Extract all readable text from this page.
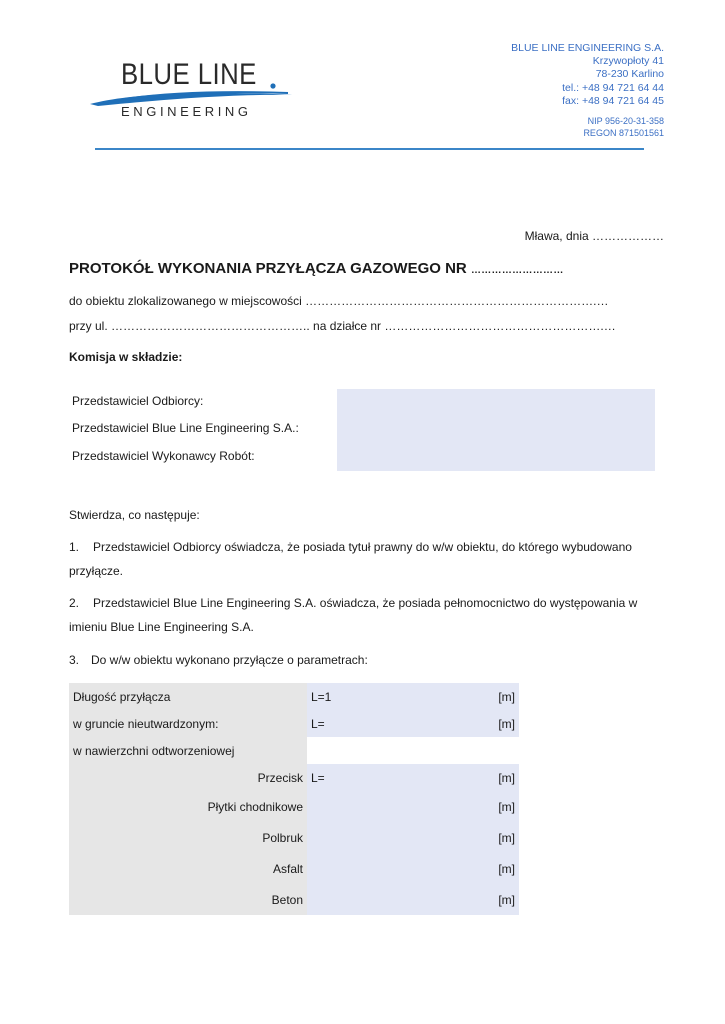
BLUE LINE
ENGINEERING
BLUE LINE ENGINEERING S.A.
Krzywopłoty 41
78-230 Karlino
tel.: +48 94 721 64 44
fax: +48 94 721 64 45
NIP 956-20-31-358
REGON 871501561
Mława, dnia ………………
PROTOKÓŁ WYKONANIA PRZYŁĄCZA GAZOWEGO NR ………………………
do obiektu zlokalizowanego w miejscowości ……………………………………………………………….…
przy ul. ………………………………………….. na działce nr ……………………………………………….…
Komisja w składzie:
Przedstawiciel Odbiorcy:
Przedstawiciel Blue Line Engineering S.A.:
Przedstawiciel Wykonawcy Robót:
Stwierdza, co następuje:
1. Przedstawiciel Odbiorcy oświadcza, że posiada tytuł prawny do w/w obiektu, do którego wybudowano przyłącze.
2. Przedstawiciel Blue Line Engineering S.A. oświadcza, że posiada pełnomocnictwo do występowania w imieniu Blue Line Engineering S.A.
3. Do w/w obiektu wykonano przyłącze o parametrach:
Długość przyłącza	L=1	[m]
w gruncie nieutwardzonym:	L=	[m]
w nawierzchni odtworzeniowej		
Przecisk	L=	[m]
Płytki chodnikowe		[m]
Polbruk		[m]
Asfalt		[m]
Beton		[m]
